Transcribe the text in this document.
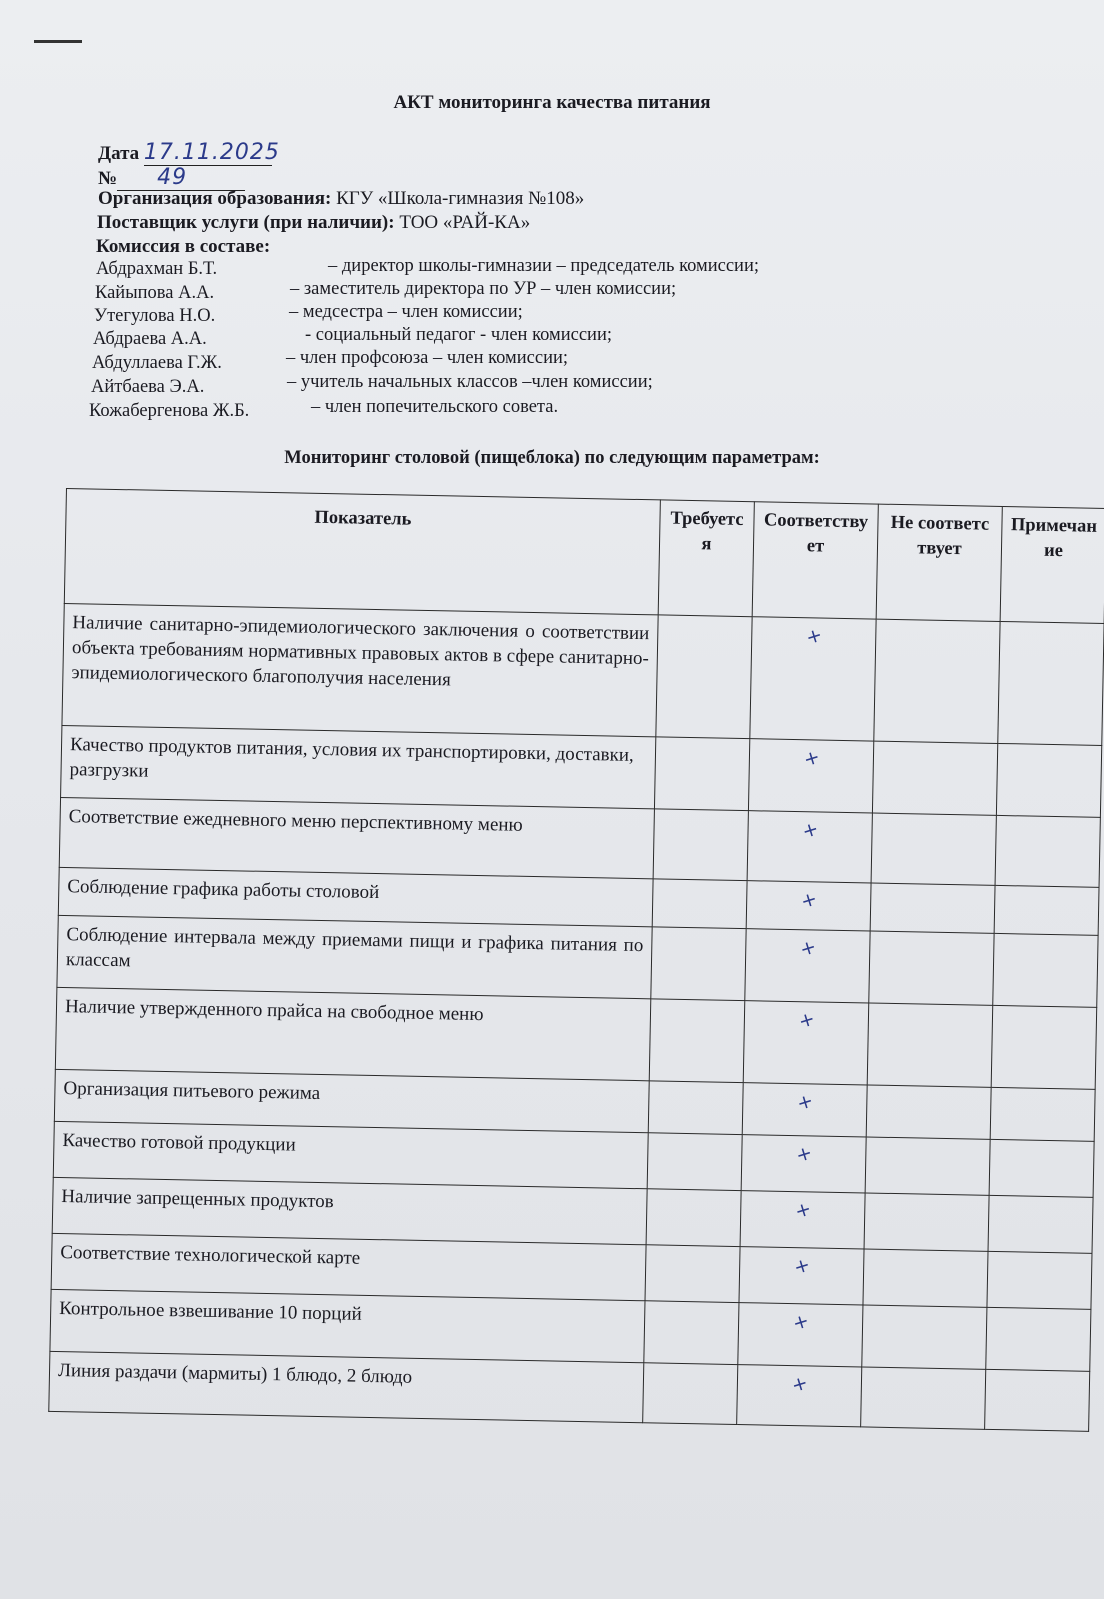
АКТ мониторинга качества питания
Дата 17.11.2025
№ 49
Организация образования: КГУ «Школа-гимназия №108»
Поставщик услуги (при наличии): ТОО «РАЙ-КА»
Комиссия в составе:
Абдрахман Б.Т.	– директор школы-гимназии – председатель комиссии;
Кайыпова А.А.	– заместитель директора по УР – член комиссии;
Утегулова Н.О.	– медсестра – член комиссии;
Абдраева А.А.	- социальный педагог - член комиссии;
Абдуллаева Г.Ж.	– член профсоюза – член комиссии;
Айтбаева Э.А.	– учитель начальных классов –член комиссии;
Кожабергенова Ж.Б.	– член попечительского совета.
Мониторинг столовой (пищеблока) по следующим параметрам:
Показатель	Требуется	Соответствует	Не соответствует	Примечание
Наличие санитарно-эпидемиологического заключения о соответствии объекта требованиям нормативных правовых актов в сфере санитарно-эпидемиологического благополучия населения		+		
Качество продуктов питания, условия их транспортировки, доставки, разгрузки		+		
Соответствие ежедневного меню перспективному меню		+		
Соблюдение графика работы столовой		+		
Соблюдение интервала между приемами пищи и графика питания по классам		+		
Наличие утвержденного прайса на свободное меню		+		
Организация питьевого режима		+		
Качество готовой продукции		+		
Наличие запрещенных продуктов		+		
Соответствие технологической карте		+		
Контрольное взвешивание 10 порций		+		
Линия раздачи (мармиты) 1 блюдо, 2 блюдо		+		
